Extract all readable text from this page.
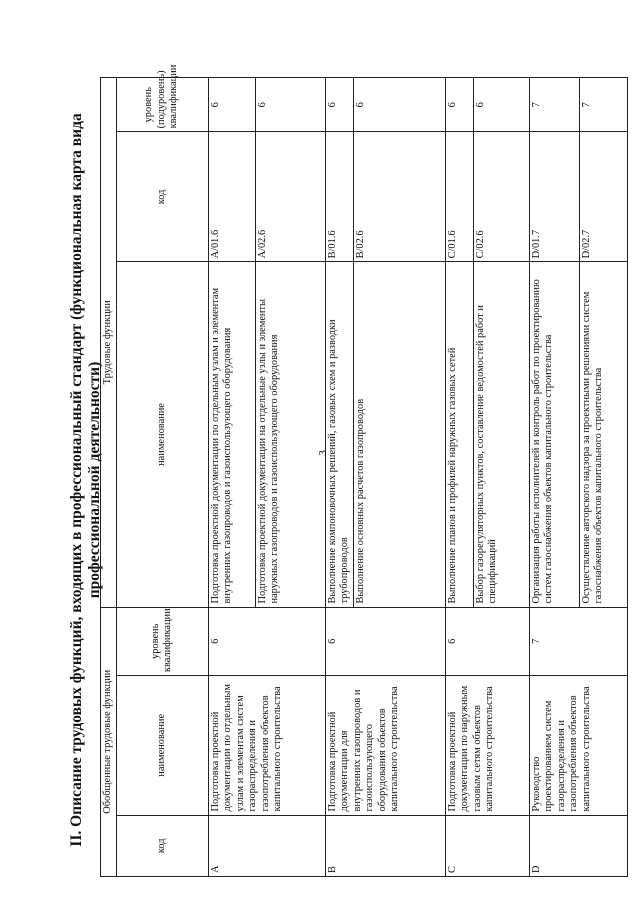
3
II. Описание трудовых функций, входящих в профессиональный стандарт (функциональная карта вида профессиональной деятельности)
Обобщенные трудовые функции			Трудовые функции		
код	наименование	уровень квалификации	наименование	код	уровень (подуровень) квалификации
A	Подготовка проектной документации по отдельным узлам и элементам систем газораспределения и газопотребления объектов капитального строительства	6	Подготовка проектной документации по отдельным узлам и элементам внутренних газопроводов и газоиспользующего оборудования	A/01.6	6
			Подготовка проектной документации на отдельные узлы и элементы наружных газопроводов и газоиспользующего оборудования	A/02.6	6
B	Подготовка проектной документации для внутренних газопроводов и газоиспользующего оборудования объектов капитального строительства	6	Выполнение компоновочных решений, газовых схем и разводки трубопроводов	B/01.6	6
			Выполнение основных расчетов газопроводов	B/02.6	6
C	Подготовка проектной документации по наружным газовым сетям объектов капитального строительства	6	Выполнение планов и профилей наружных газовых сетей	C/01.6	6
			Выбор газорегуляторных пунктов, составление ведомостей работ и спецификаций	C/02.6	6
D	Руководство проектированием систем газораспределения и газопотребления объектов капитального строительства	7	Организация работы исполнителей и контроль работ по проектированию систем газоснабжения объектов капитального строительства	D/01.7	7
			Осуществление авторского надзора за проектными решениями систем газоснабжения объектов капитального строительства	D/02.7	7
